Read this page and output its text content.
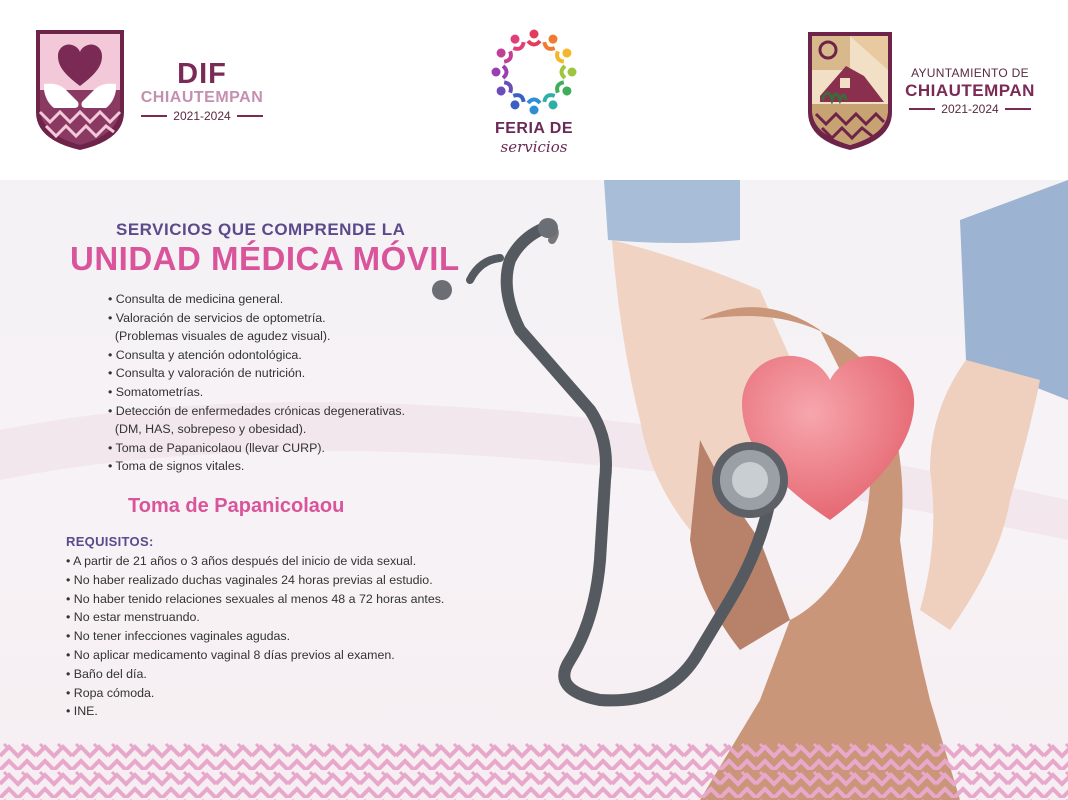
DIF
CHIAUTEMPAN
2021-2024
FERIA DE
servicios
AYUNTAMIENTO DE
CHIAUTEMPAN
2021-2024
SERVICIOS QUE COMPRENDE LA
UNIDAD MÉDICA MÓVIL
• Consulta de medicina general.
• Valoración de servicios de optometría.
(Problemas visuales de agudez visual).
• Consulta y atención odontológica.
• Consulta y valoración de nutrición.
• Somatometrías.
• Detección de enfermedades crónicas degenerativas.
(DM, HAS, sobrepeso y obesidad).
• Toma de Papanicolaou (llevar CURP).
• Toma de signos vitales.
Toma de Papanicolaou
REQUISITOS:
• A partir de 21 años o 3 años después del inicio de vida sexual.
• No haber realizado duchas vaginales 24 horas previas al estudio.
• No haber tenido relaciones sexuales al menos 48 a 72 horas antes.
• No estar menstruando.
• No tener infecciones vaginales agudas.
• No aplicar medicamento vaginal 8 días previos al examen.
• Baño del día.
• Ropa cómoda.
• INE.
